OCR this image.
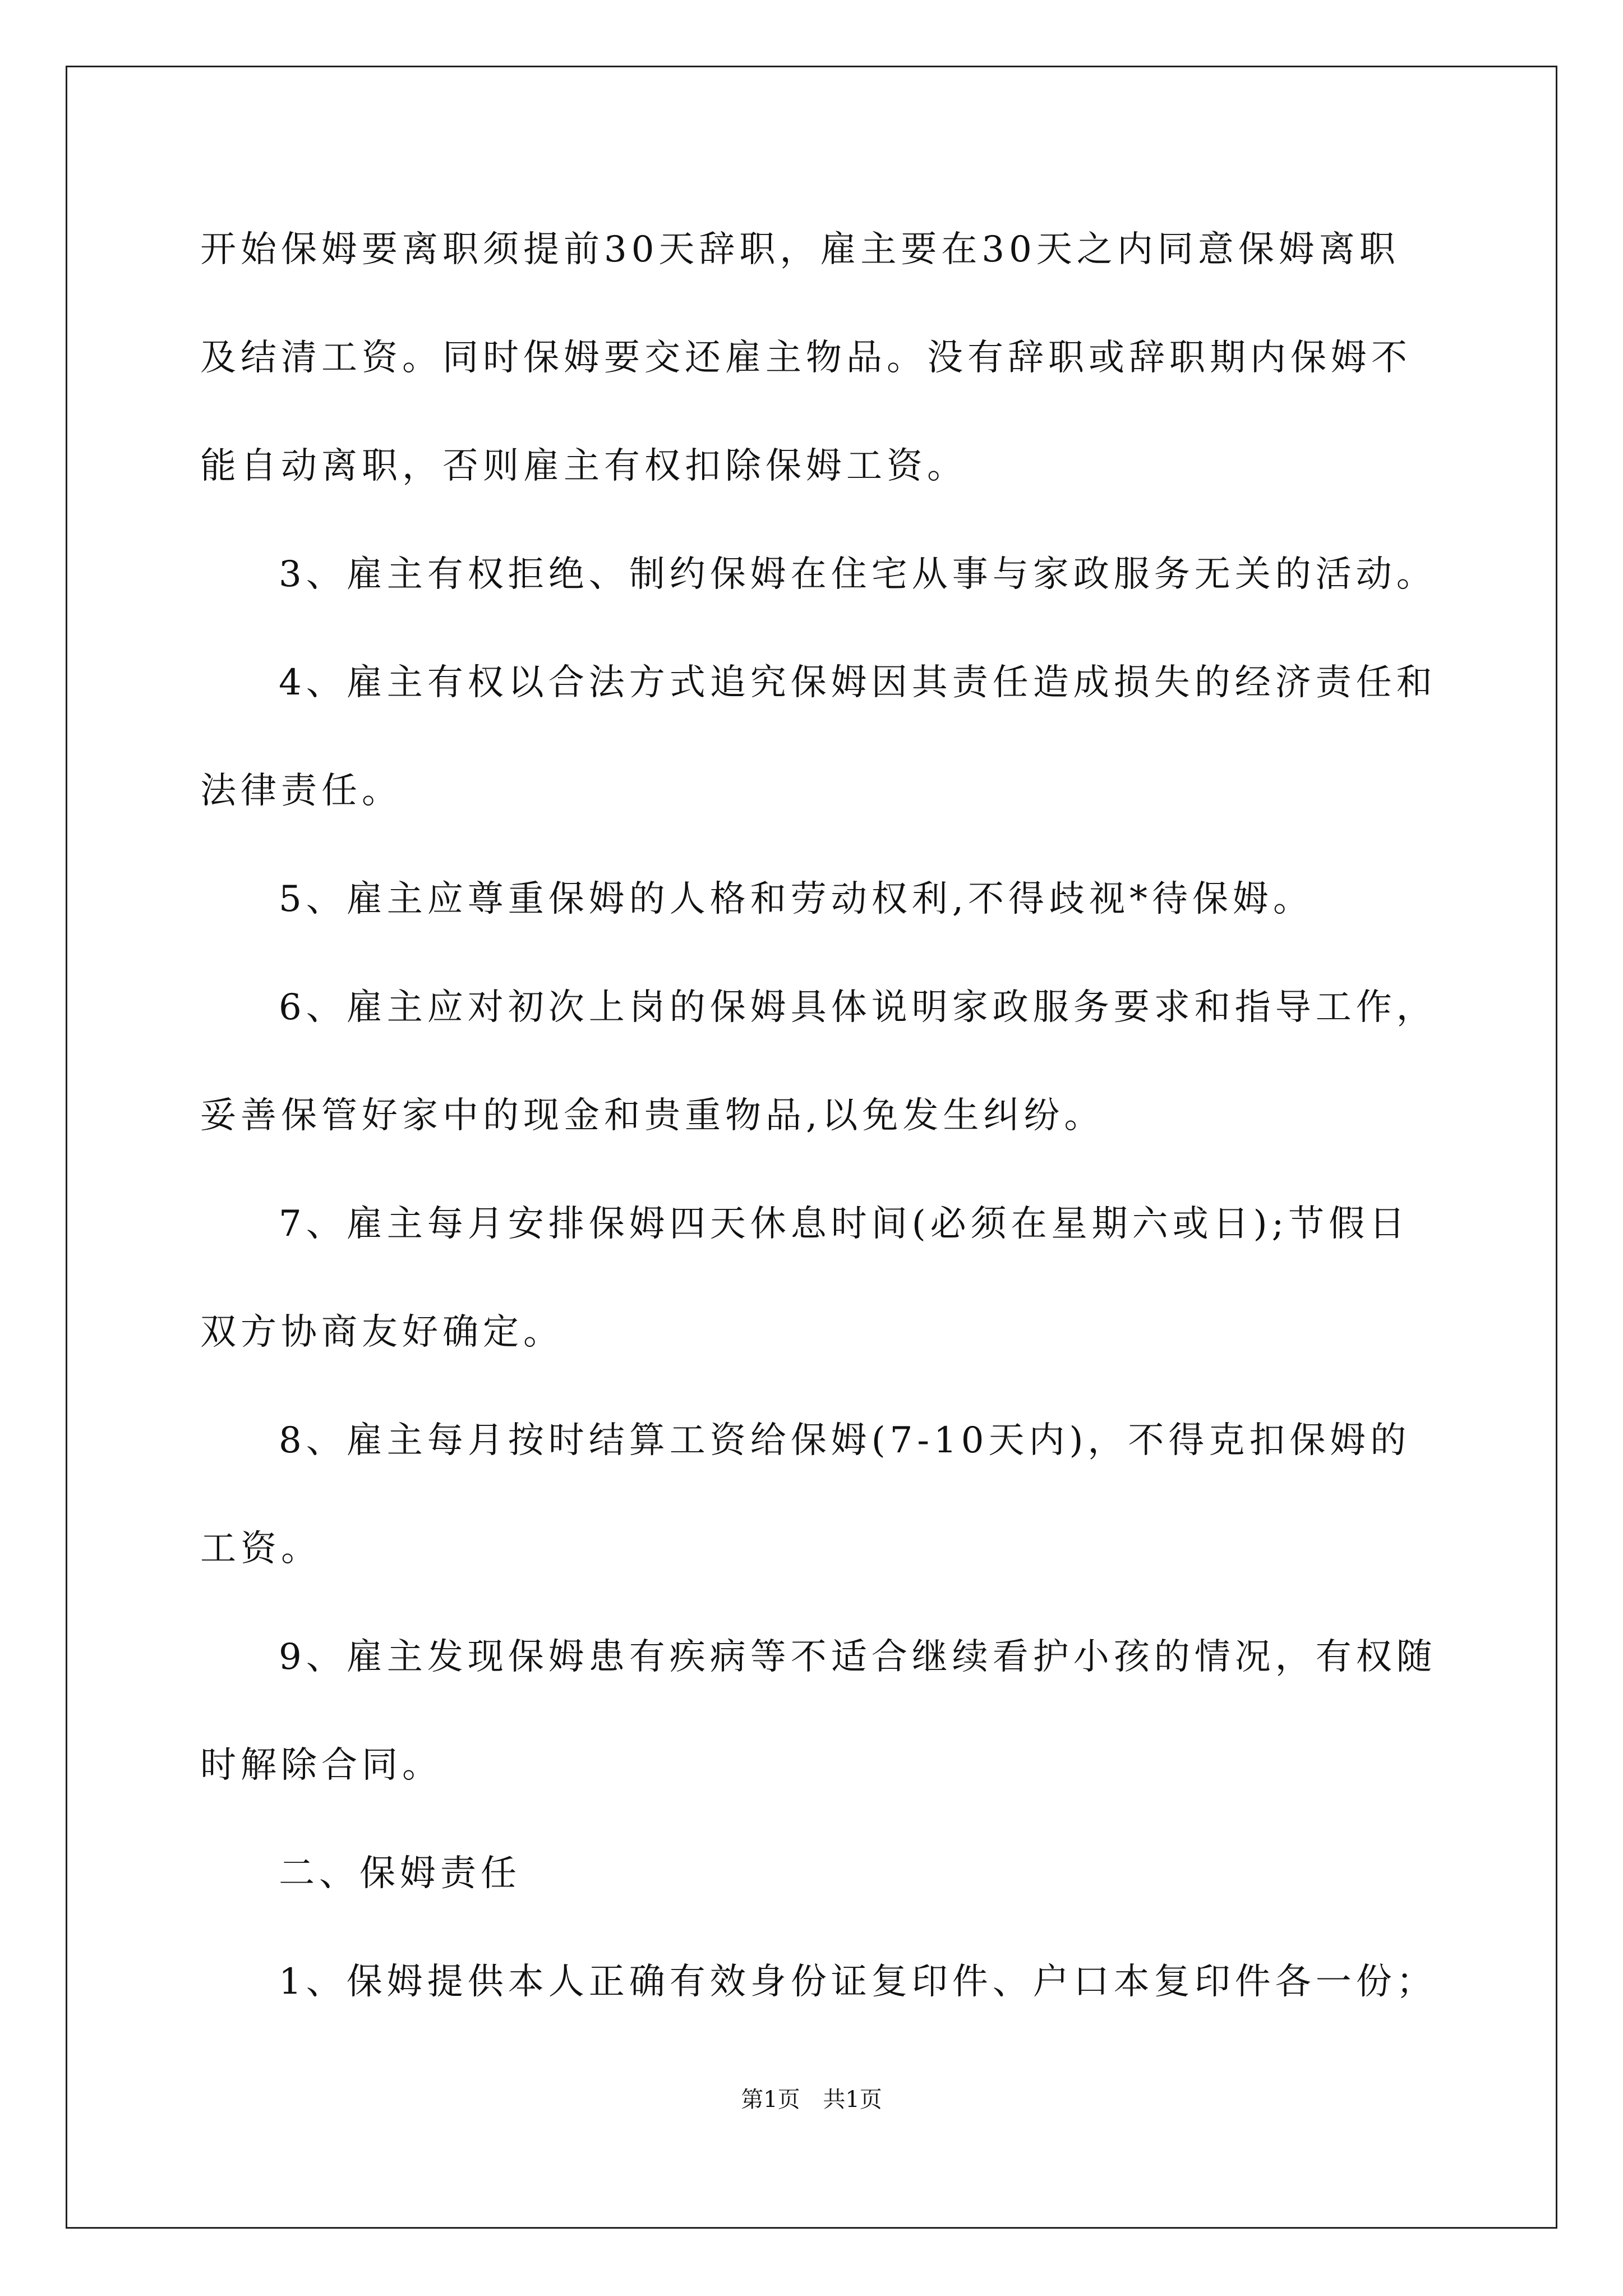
开始保姆要离职须提前30天辞职，雇主要在30天之内同意保姆离职
及结清工资。同时保姆要交还雇主物品。没有辞职或辞职期内保姆不
能自动离职，否则雇主有权扣除保姆工资。
3、雇主有权拒绝、制约保姆在住宅从事与家政服务无关的活动。
4、雇主有权以合法方式追究保姆因其责任造成损失的经济责任和
法律责任。
5、雇主应尊重保姆的人格和劳动权利,不得歧视*待保姆。
6、雇主应对初次上岗的保姆具体说明家政服务要求和指导工作，
妥善保管好家中的现金和贵重物品,以免发生纠纷。
7、雇主每月安排保姆四天休息时间(必须在星期六或日);节假日
双方协商友好确定。
8、雇主每月按时结算工资给保姆(7-10天内)，不得克扣保姆的
工资。
9、雇主发现保姆患有疾病等不适合继续看护小孩的情况，有权随
时解除合同。
二、保姆责任
1、保姆提供本人正确有效身份证复印件、户口本复印件各一份；
第1页 共1页
